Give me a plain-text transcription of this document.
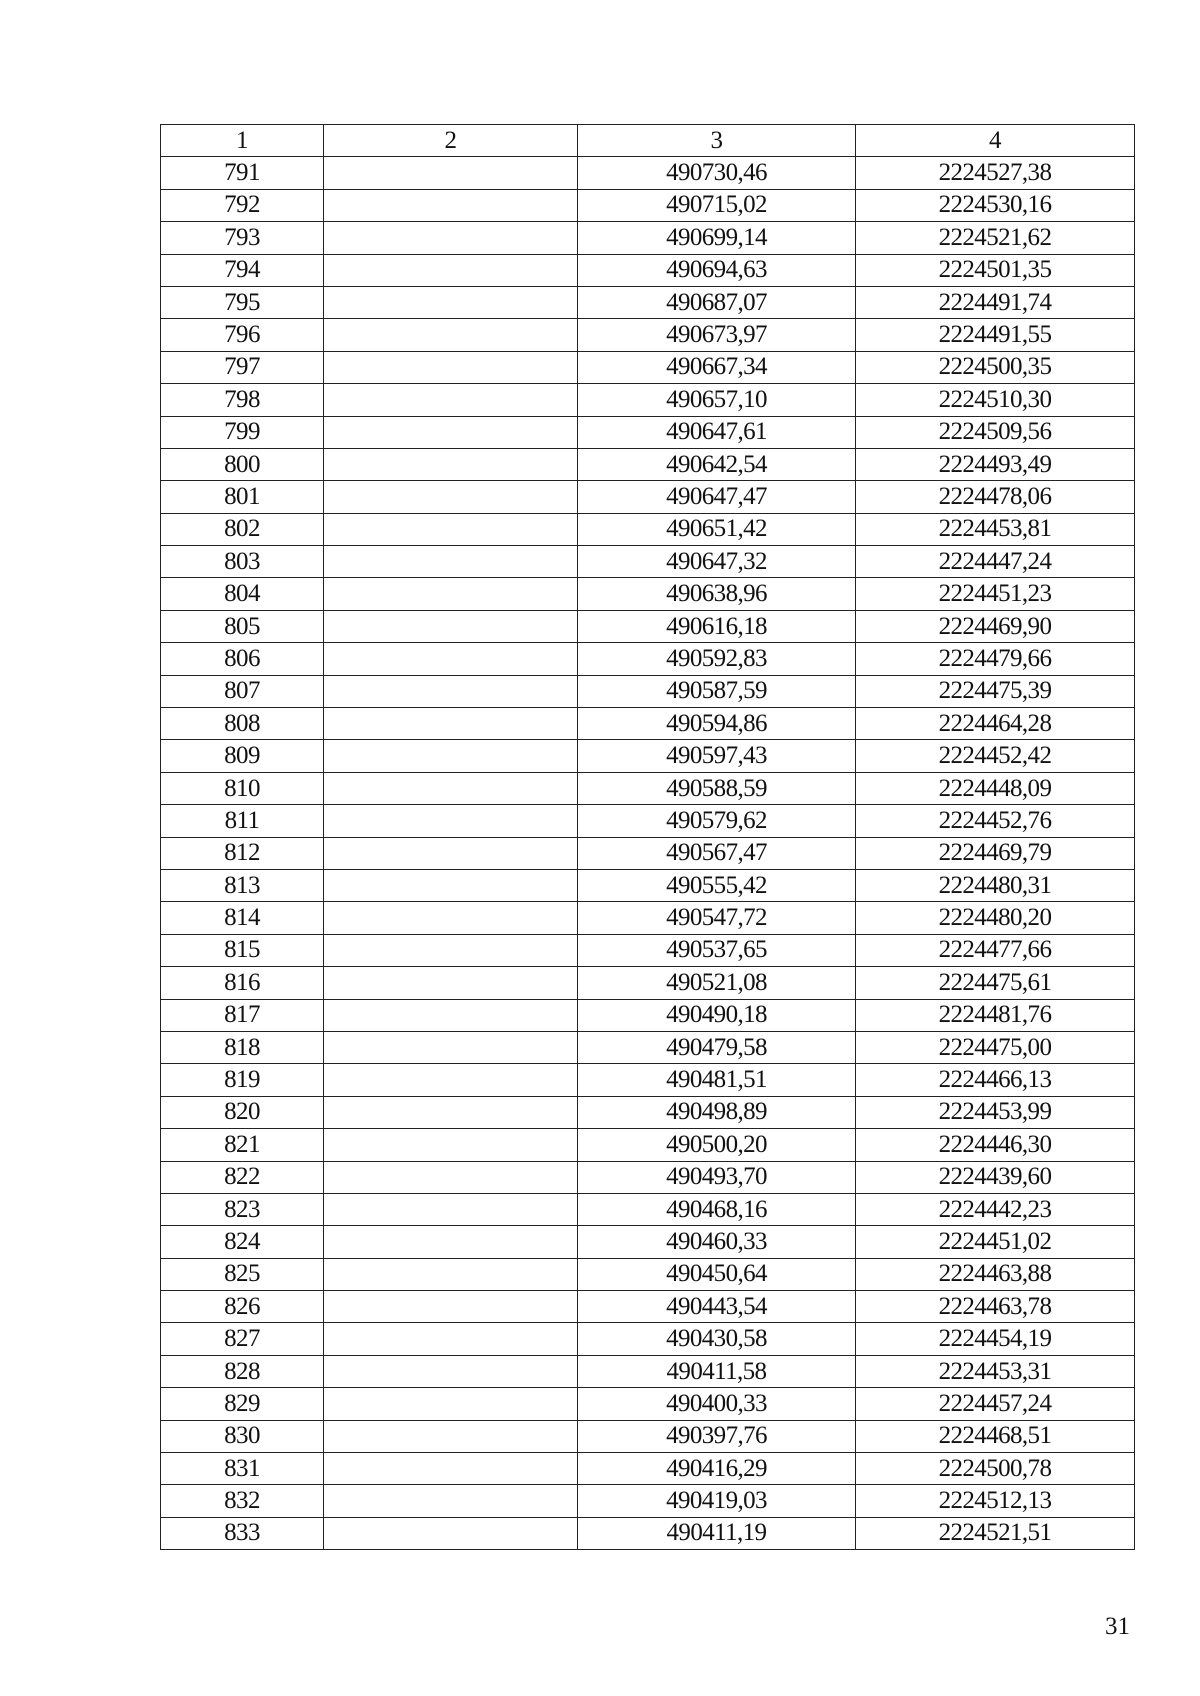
1	2	3	4
791		490730,46	2224527,38
792		490715,02	2224530,16
793		490699,14	2224521,62
794		490694,63	2224501,35
795		490687,07	2224491,74
796		490673,97	2224491,55
797		490667,34	2224500,35
798		490657,10	2224510,30
799		490647,61	2224509,56
800		490642,54	2224493,49
801		490647,47	2224478,06
802		490651,42	2224453,81
803		490647,32	2224447,24
804		490638,96	2224451,23
805		490616,18	2224469,90
806		490592,83	2224479,66
807		490587,59	2224475,39
808		490594,86	2224464,28
809		490597,43	2224452,42
810		490588,59	2224448,09
811		490579,62	2224452,76
812		490567,47	2224469,79
813		490555,42	2224480,31
814		490547,72	2224480,20
815		490537,65	2224477,66
816		490521,08	2224475,61
817		490490,18	2224481,76
818		490479,58	2224475,00
819		490481,51	2224466,13
820		490498,89	2224453,99
821		490500,20	2224446,30
822		490493,70	2224439,60
823		490468,16	2224442,23
824		490460,33	2224451,02
825		490450,64	2224463,88
826		490443,54	2224463,78
827		490430,58	2224454,19
828		490411,58	2224453,31
829		490400,33	2224457,24
830		490397,76	2224468,51
831		490416,29	2224500,78
832		490419,03	2224512,13
833		490411,19	2224521,51
31
